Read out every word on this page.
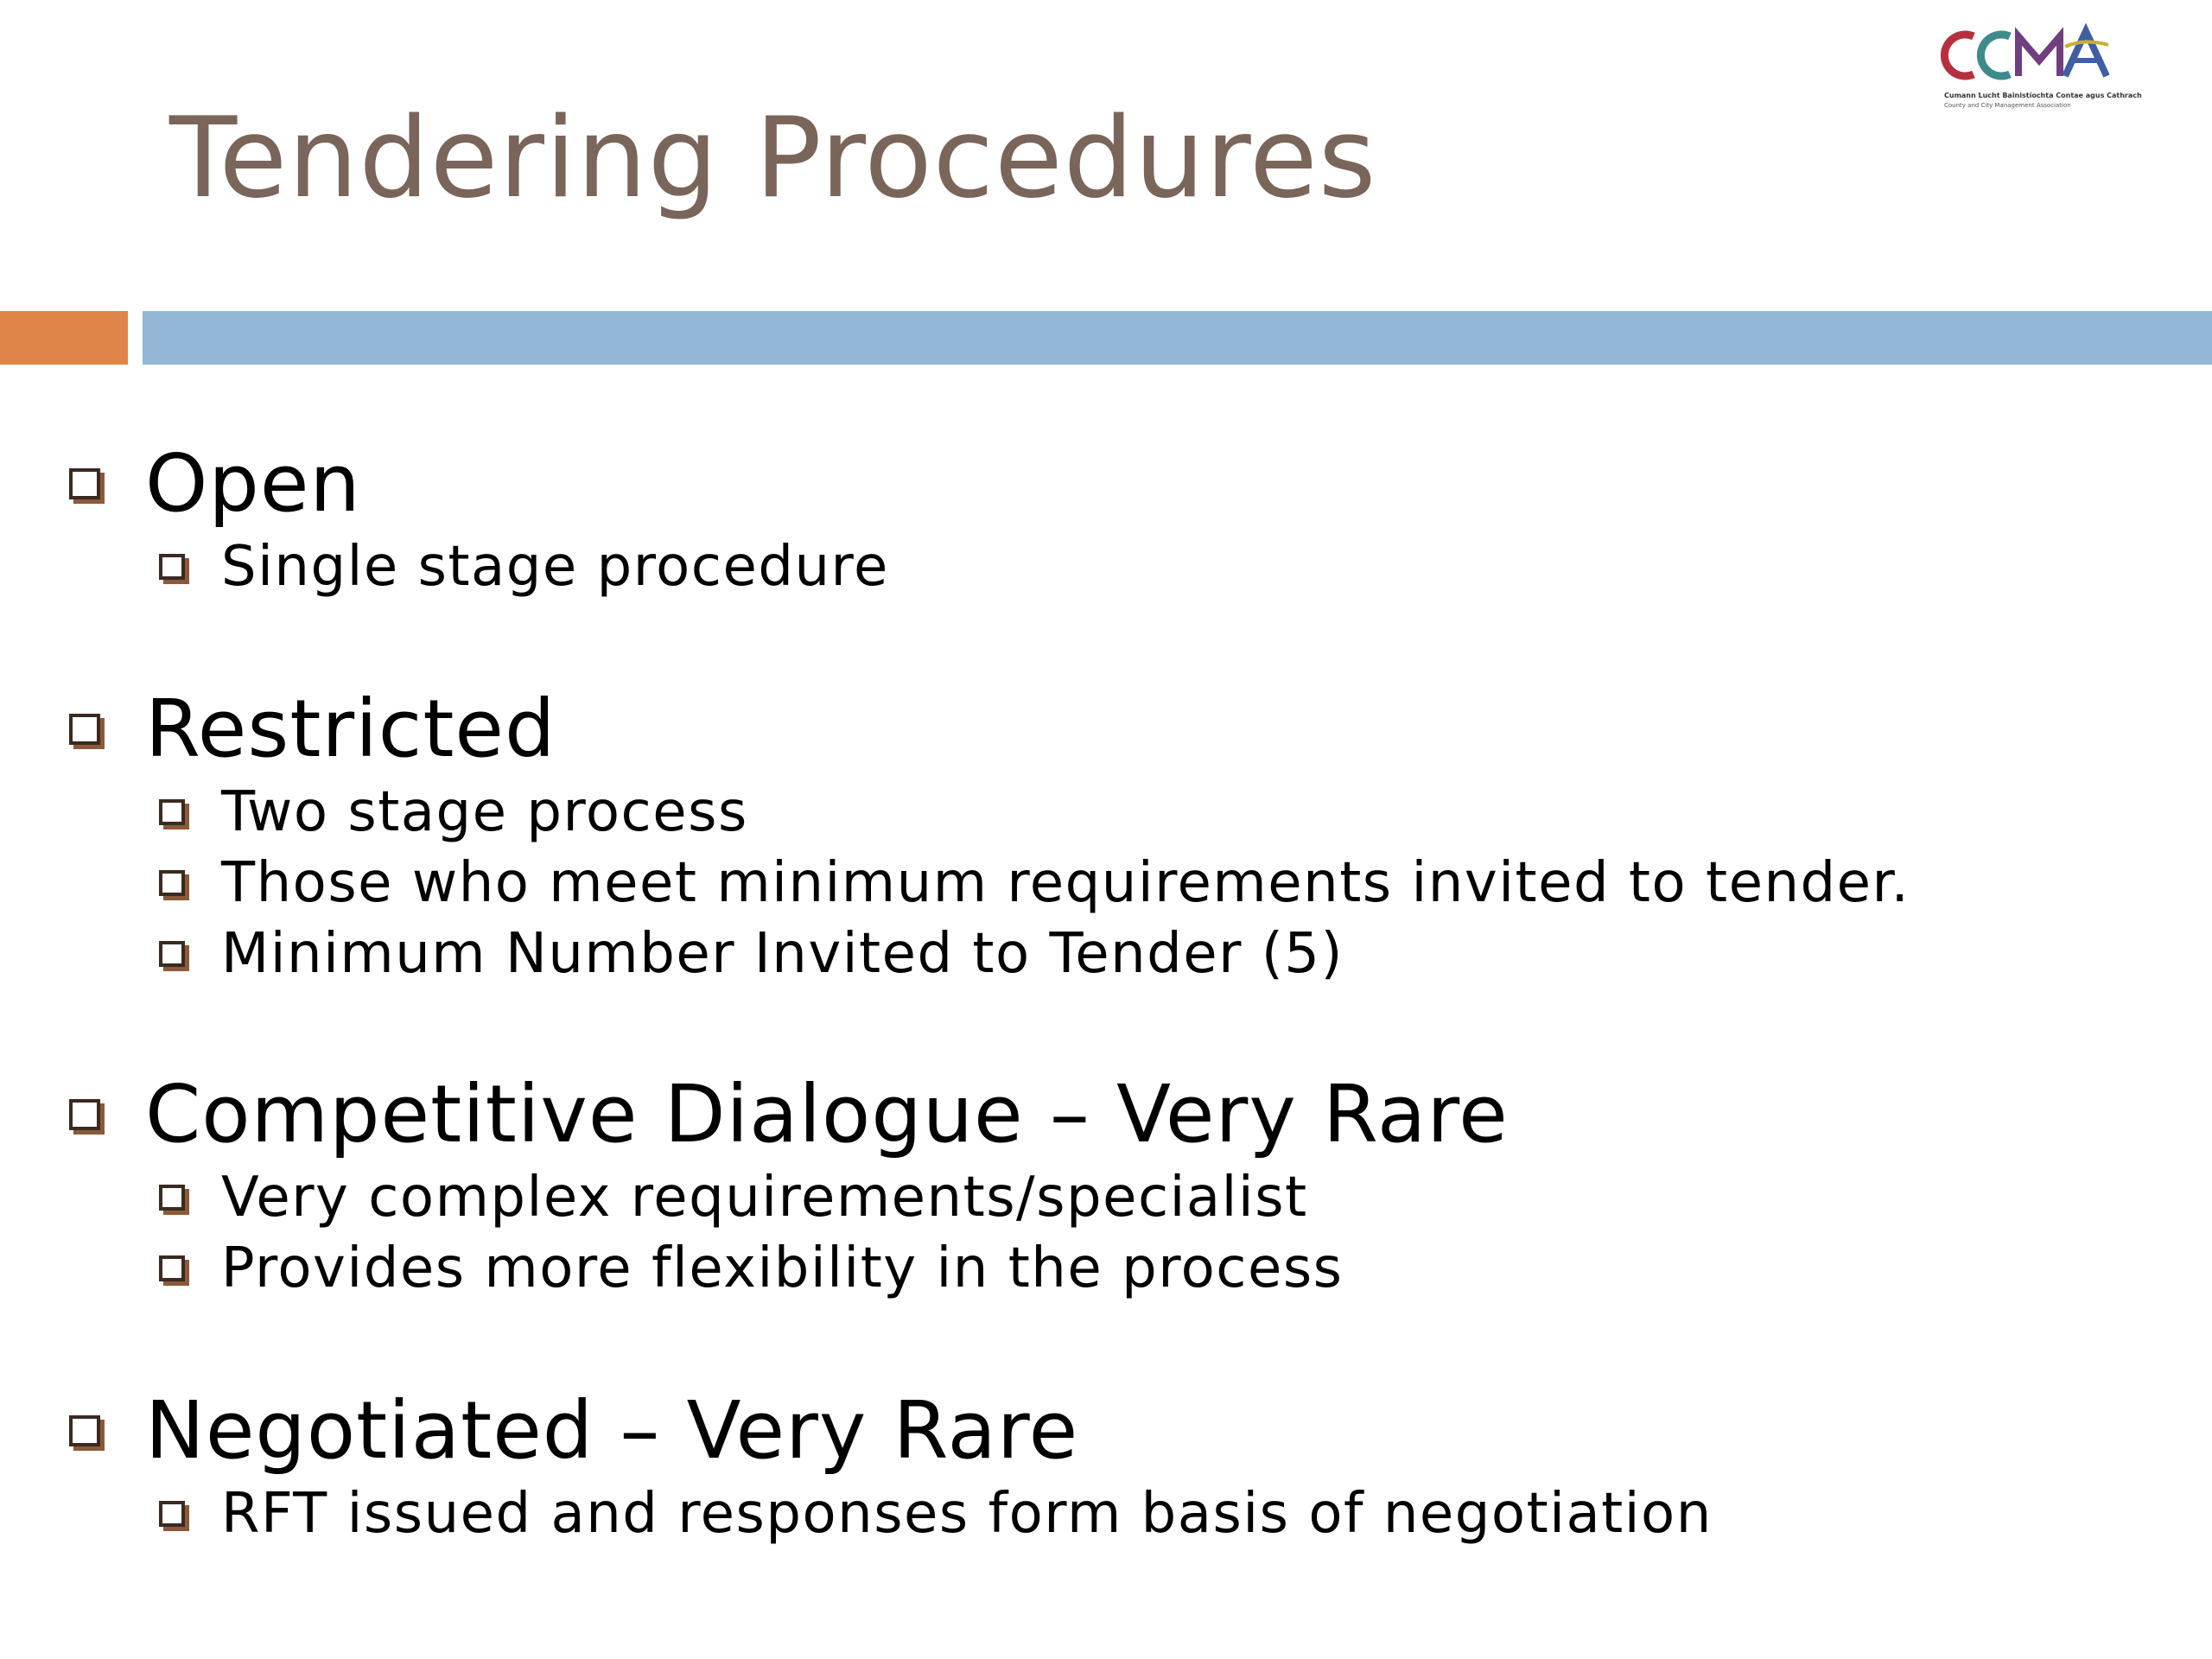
Cumann Lucht Bainistíochta Contae agus Cathrach
County and City Management Association
Tendering Procedures
Open
Single stage procedure
Restricted
Two stage process
Those who meet minimum requirements invited to tender.
Minimum Number Invited to Tender (5)
Competitive Dialogue – Very Rare
Very complex requirements/specialist
Provides more flexibility in the process
Negotiated – Very Rare
RFT issued and responses form basis of negotiation
